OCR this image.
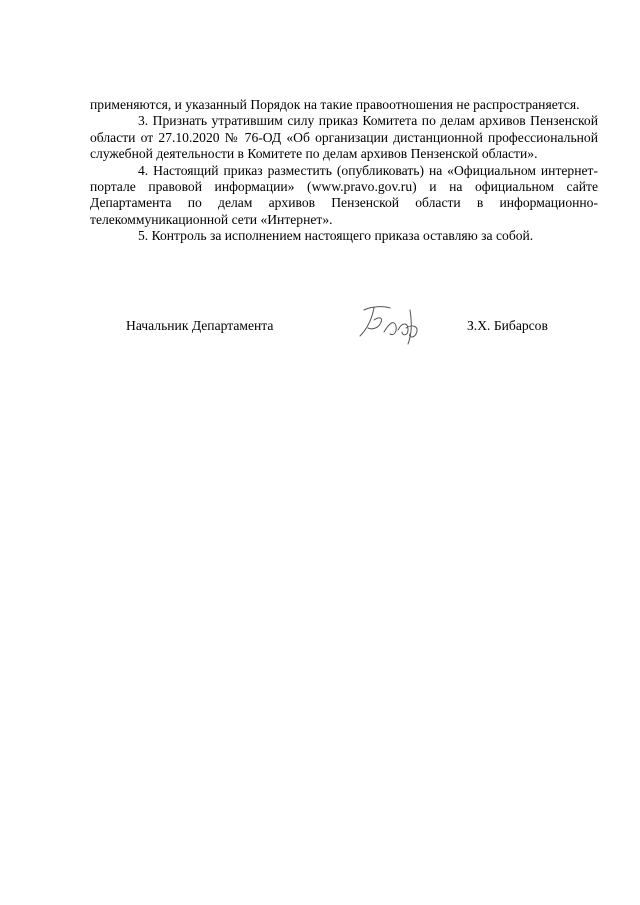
применяются, и указанный Порядок на такие правоотношения не распространяется.

3. Признать утратившим силу приказ Комитета по делам архивов Пензенской области от 27.10.2020 № 76-ОД «Об организации дистанционной профессиональной служебной деятельности в Комитете по делам архивов Пензенской области».

4. Настоящий приказ разместить (опубликовать) на «Официальном интернет-портале правовой информации» (www.pravo.gov.ru) и на официальном сайте Департамента по делам архивов Пензенской области в информационно-телекоммуникационной сети «Интернет».

5. Контроль за исполнением настоящего приказа оставляю за собой.

Начальник Департамента	З.Х. Бибарсов
